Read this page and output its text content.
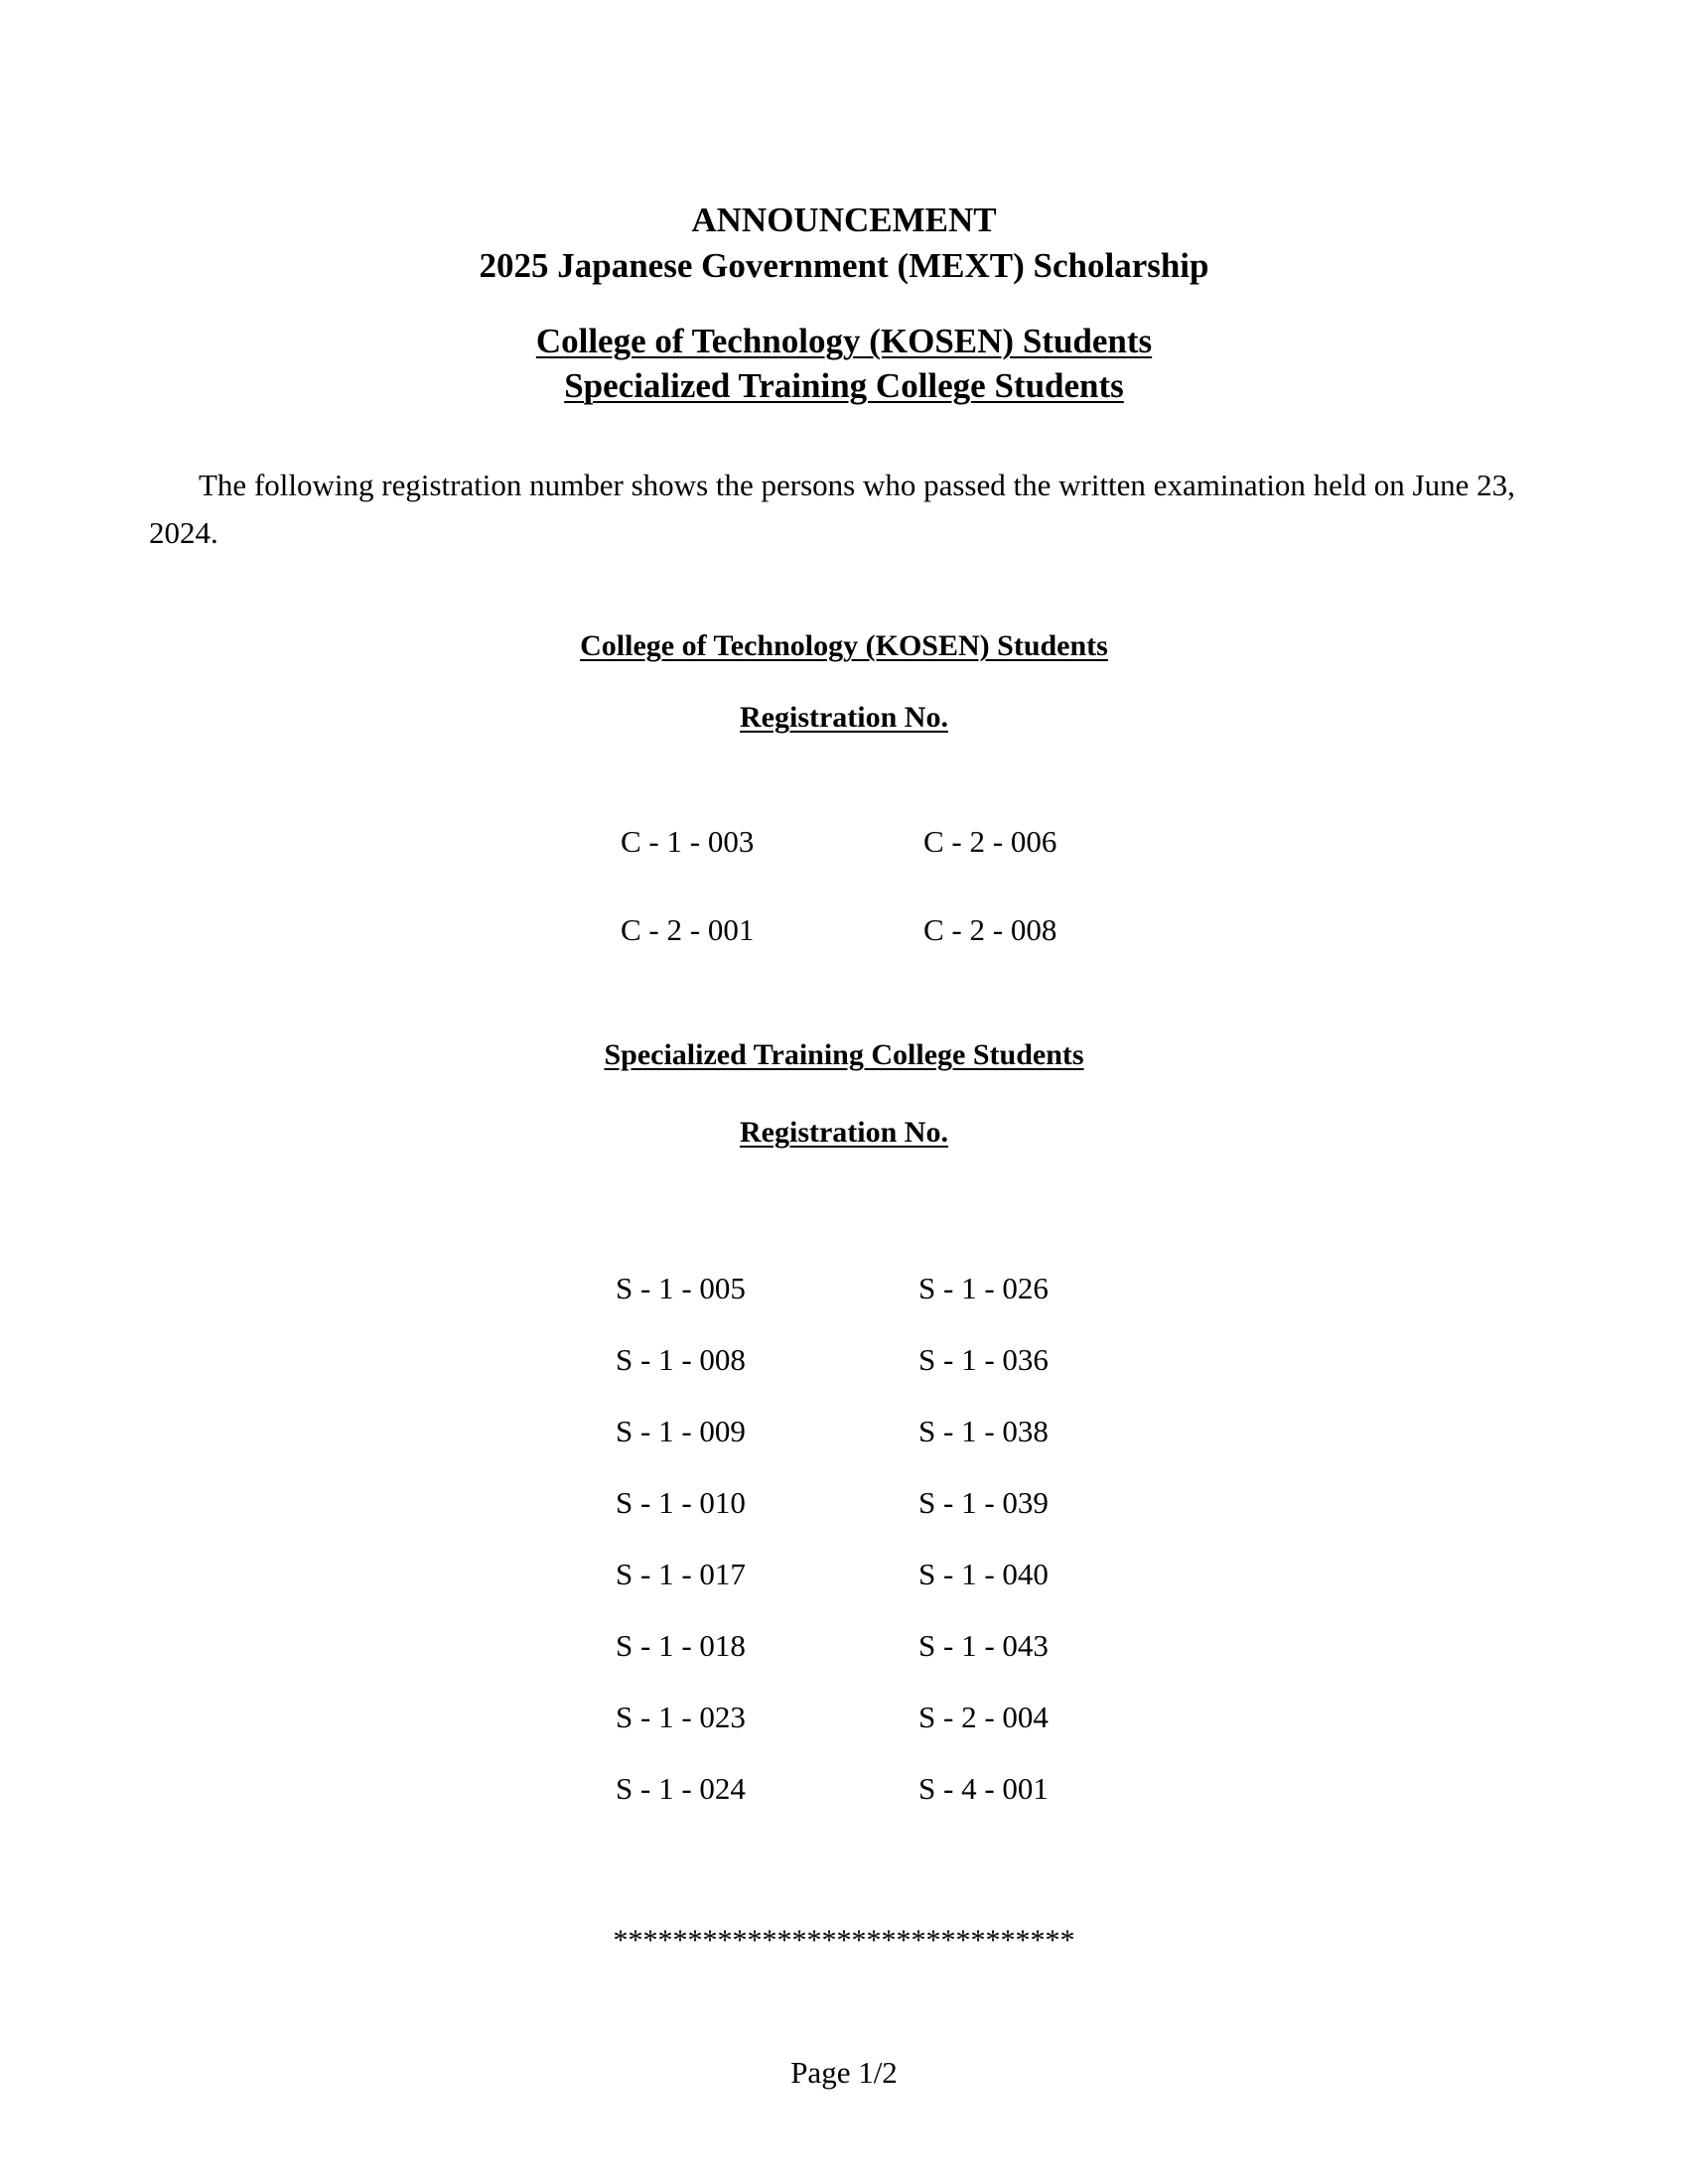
ANNOUNCEMENT
2025 Japanese Government (MEXT) Scholarship
College of Technology (KOSEN) Students
Specialized Training College Students
The following registration number shows the persons who passed the written examination held on June 23, 2024.
College of Technology (KOSEN) Students
Registration No.
C - 1 - 003	C - 2 - 006
C - 2 - 001	C - 2 - 008
Specialized Training College Students
Registration No.
S - 1 - 005	S - 1 - 026
S - 1 - 008	S - 1 - 036
S - 1 - 009	S - 1 - 038
S - 1 - 010	S - 1 - 039
S - 1 - 017	S - 1 - 040
S - 1 - 018	S - 1 - 043
S - 1 - 023	S - 2 - 004
S - 1 - 024	S - 4 - 001
*******************************
Page 1/2
